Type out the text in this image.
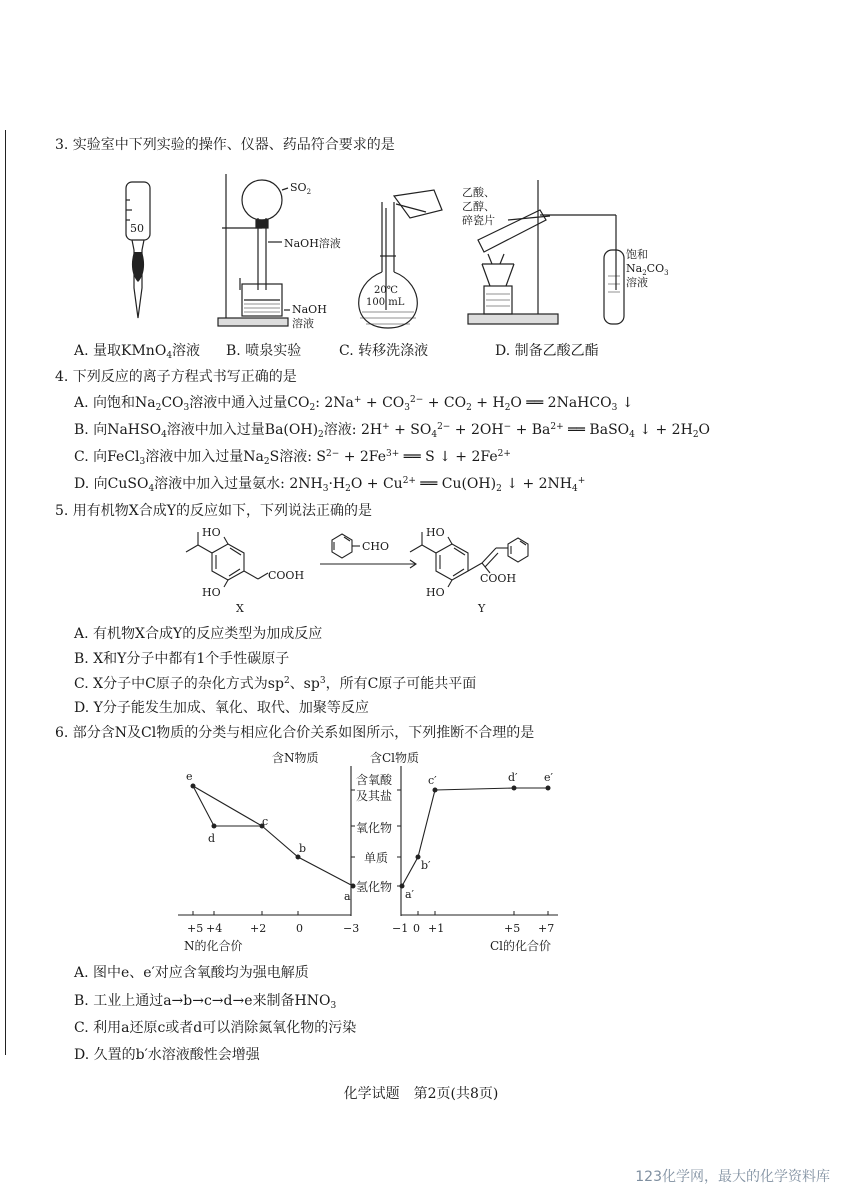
3. 实验室中下列实验的操作、仪器、药品符合要求的是
50
$SO_2$
NaOH溶液
NaOH
溶液
20℃
100 mL
乙酸、
乙醇、
碎瓷片
饱和
$Na_2CO_3$
溶液
A. 量取KMnO$_4$溶液 B. 喷泉实验	C. 转移洗涤液	D. 制备乙酸乙酯
4. 下列反应的离子方程式书写正确的是
A. 向饱和$Na_2CO_3$溶液中通入过量$CO_2$: $2Na^+ + CO_3^{2-} + CO_2 + H_2O$ ══ 2NaHCO$_3$ ↓
B. 向NaHSO$_4$溶液中加入过量$Ba(OH)_2$溶液: $2H^+ + SO_4^{2-} + 2OH^- + Ba^{2+}$ ══ BaSO$_4$ ↓ + $2H_2O$
C. 向FeCl$_3$溶液中加入过量$Na_2S$溶液: $S^{2-} + 2Fe^{3+}$ ══ S ↓ + $2Fe^{2+}$
D. 向CuSO$_4$溶液中加入过量氨水: $2NH_3\cdot H_2O + Cu^{2+}$ ══ $Cu(OH)_2$ ↓ + $2NH_4^+$
5. 用有机物X合成Y的反应如下，下列说法正确的是
HO
HO
COOH
X
CHO
HO
HO
COOH
Y
A. 有机物X合成Y的反应类型为加成反应
B. X和Y分子中都有1个手性碳原子
C. X分子中C原子的杂化方式为$sp^2$、$sp^3$，所有C原子可能共平面
D. Y分子能发生加成、氧化、取代、加聚等反应
6. 部分含N及Cl物质的分类与相应化合价关系如图所示，下列推断不合理的是
含N物质	含Cl物质
含氧酸
及其盐
氧化物
单质
氢化物
+5 +4	+2	0	−3	−1 0 +1	+5 +7
N的化合价	Cl的化合价
e
d
c
b
a	a′
b′
c′	d′ e′
A. 图中e、e′对应含氧酸均为强电解质
B. 工业上通过a→b→c→d→e来制备$HNO_3$
C. 利用a还原c或者d可以消除氮氧化物的污染
D. 久置的b′水溶液酸性会增强
化学试题　第2页(共8页)
123化学网，最大的化学资料库
